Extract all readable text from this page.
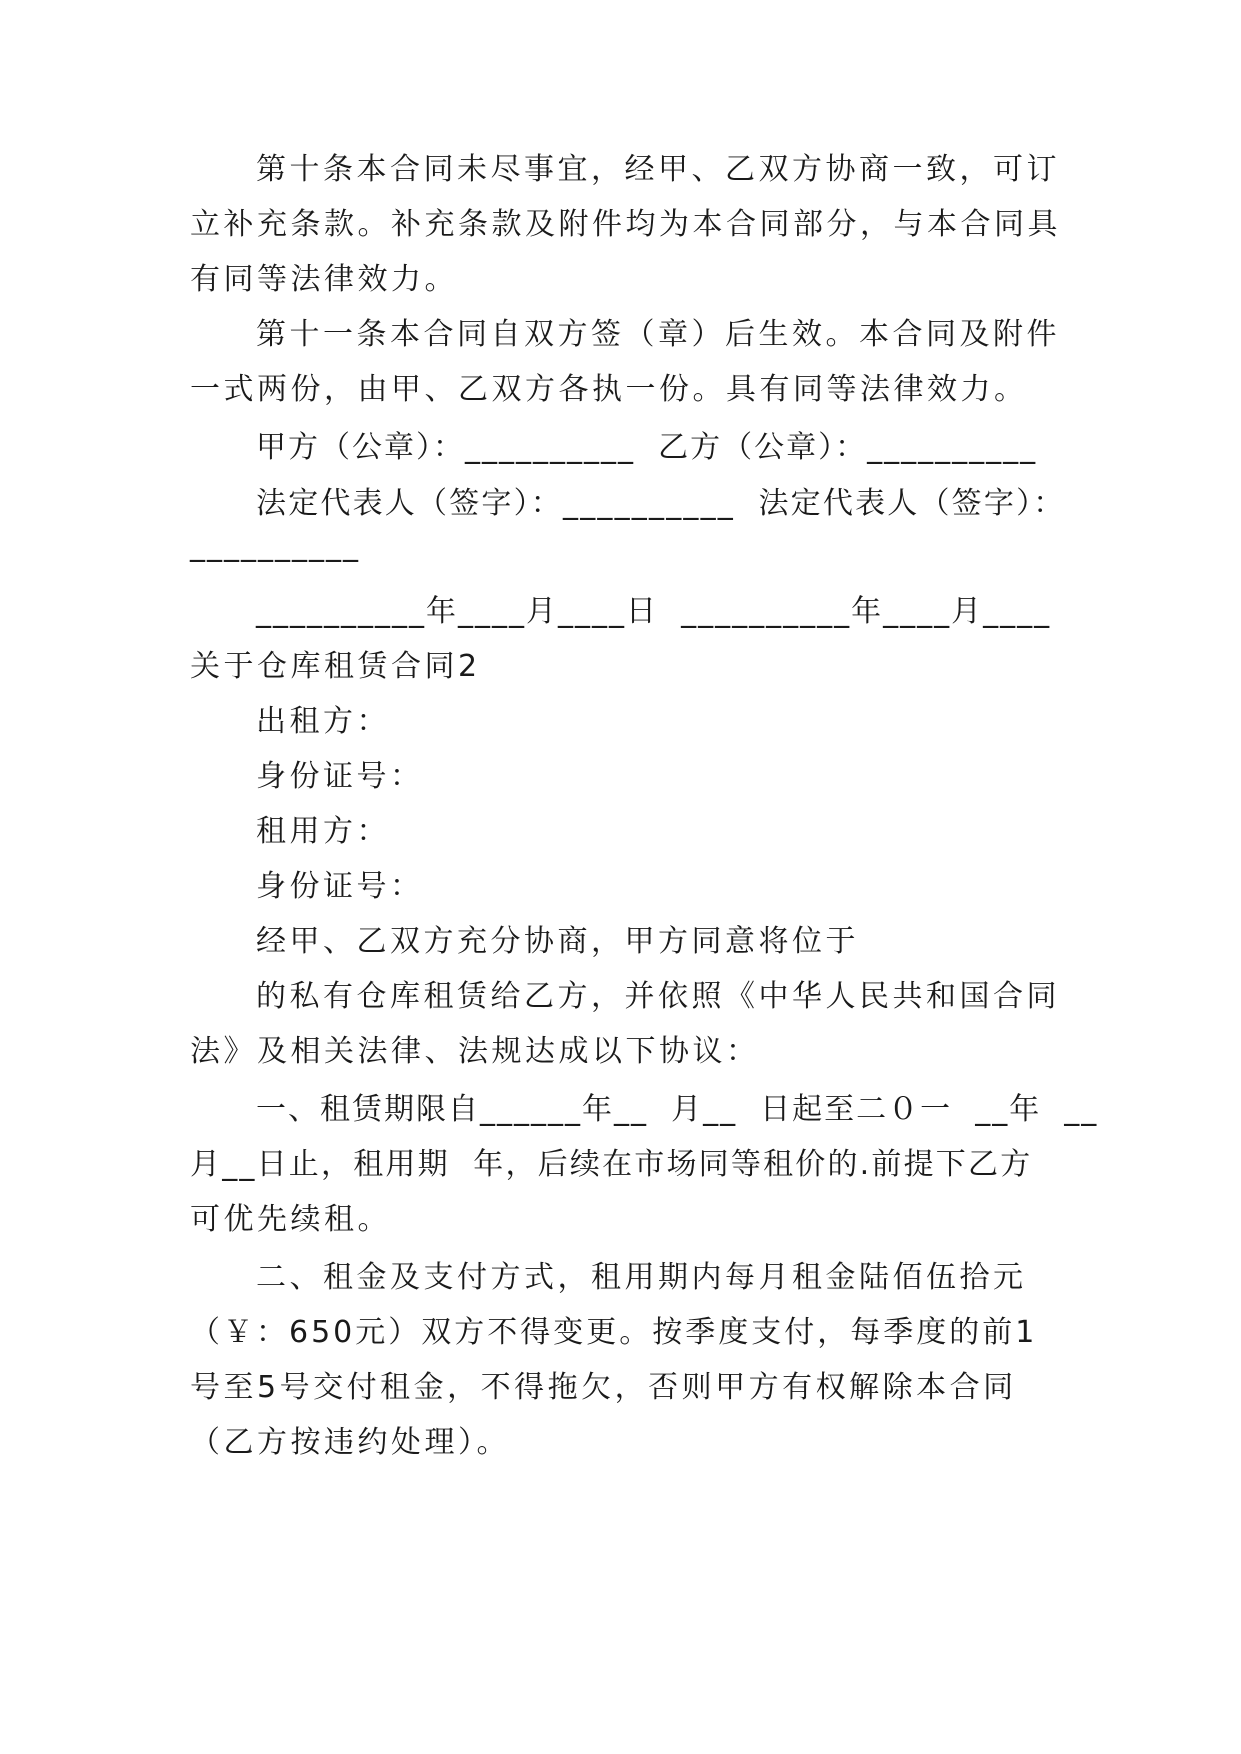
第十条本合同未尽事宜，经甲、乙双方协商一致，可订
立补充条款。补充条款及附件均为本合同部分，与本合同具
有同等法律效力。
第十一条本合同自双方签（章）后生效。本合同及附件
一式两份，由甲、乙双方各执一份。具有同等法律效力。
甲方（公章）：__________  乙方（公章）：__________
法定代表人（签字）：__________  法定代表人（签字）：
__________
__________年____月____日  __________年____月____
关于仓库租赁合同2
出租方：
身份证号：
租用方：
身份证号：
经甲、乙双方充分协商，甲方同意将位于
的私有仓库租赁给乙方，并依照《中华人民共和国合同
法》及相关法律、法规达成以下协议：
一、租赁期限自______年__  月__  日起至二０一  __年  __
月__日止，租用期  年，后续在市场同等租价的.前提下乙方
可优先续租。
二、租金及支付方式，租用期内每月租金陆佰伍拾元
（￥：650元）双方不得变更。按季度支付，每季度的前1
号至5号交付租金，不得拖欠，否则甲方有权解除本合同
（乙方按违约处理）。
